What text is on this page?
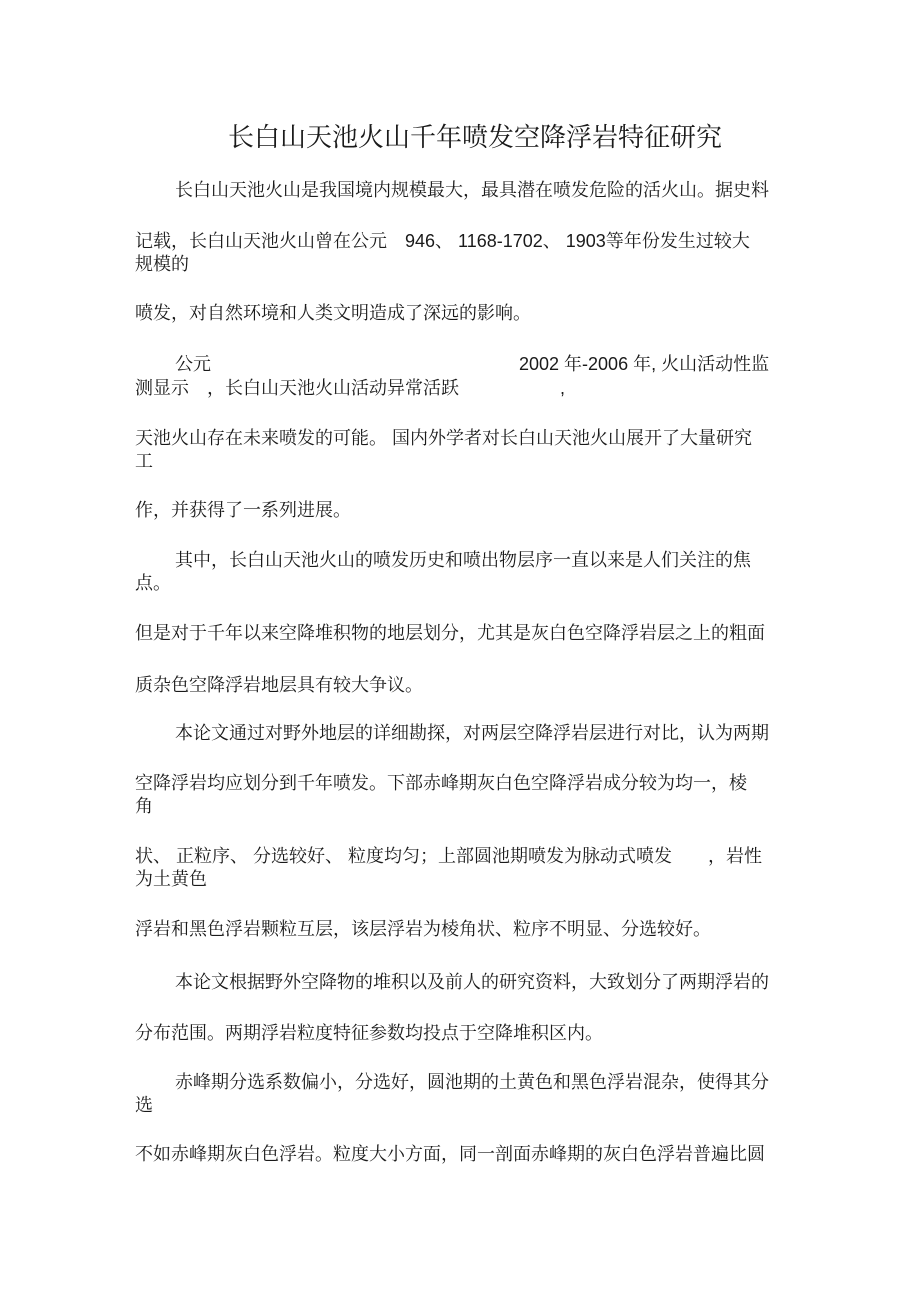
长白山天池火山千年喷发空降浮岩特征研究
长白山天池火山是我国境内规模最大，最具潜在喷发危险的活火山。据史料
记载，长白山天池火山曾在公元　946、 1168-1702、 1903等年份发生过较大
规模的
喷发，对自然环境和人类文明造成了深远的影响。
公元	2002 年-2006 年, 火山活动性监
测显示　，长白山天池火山活动异常活跃	,
天池火山存在未来喷发的可能。 国内外学者对长白山天池火山展开了大量研究
工
作，并获得了一系列进展。
其中，长白山天池火山的喷发历史和喷出物层序一直以来是人们关注的焦
点。
但是对于千年以来空降堆积物的地层划分，尤其是灰白色空降浮岩层之上的粗面
质杂色空降浮岩地层具有较大争议。
本论文通过对野外地层的详细勘探，对两层空降浮岩层进行对比，认为两期
空降浮岩均应划分到千年喷发。下部赤峰期灰白色空降浮岩成分较为均一，棱
角
状、 正粒序、 分选较好、 粒度均匀；上部圆池期喷发为脉动式喷发　　，岩性
为土黄色
浮岩和黑色浮岩颗粒互层，该层浮岩为棱角状、粒序不明显、分选较好。
本论文根据野外空降物的堆积以及前人的研究资料，大致划分了两期浮岩的
分布范围。两期浮岩粒度特征参数均投点于空降堆积区内。
赤峰期分选系数偏小，分选好，圆池期的土黄色和黑色浮岩混杂，使得其分
选
不如赤峰期灰白色浮岩。粒度大小方面，同一剖面赤峰期的灰白色浮岩普遍比圆
